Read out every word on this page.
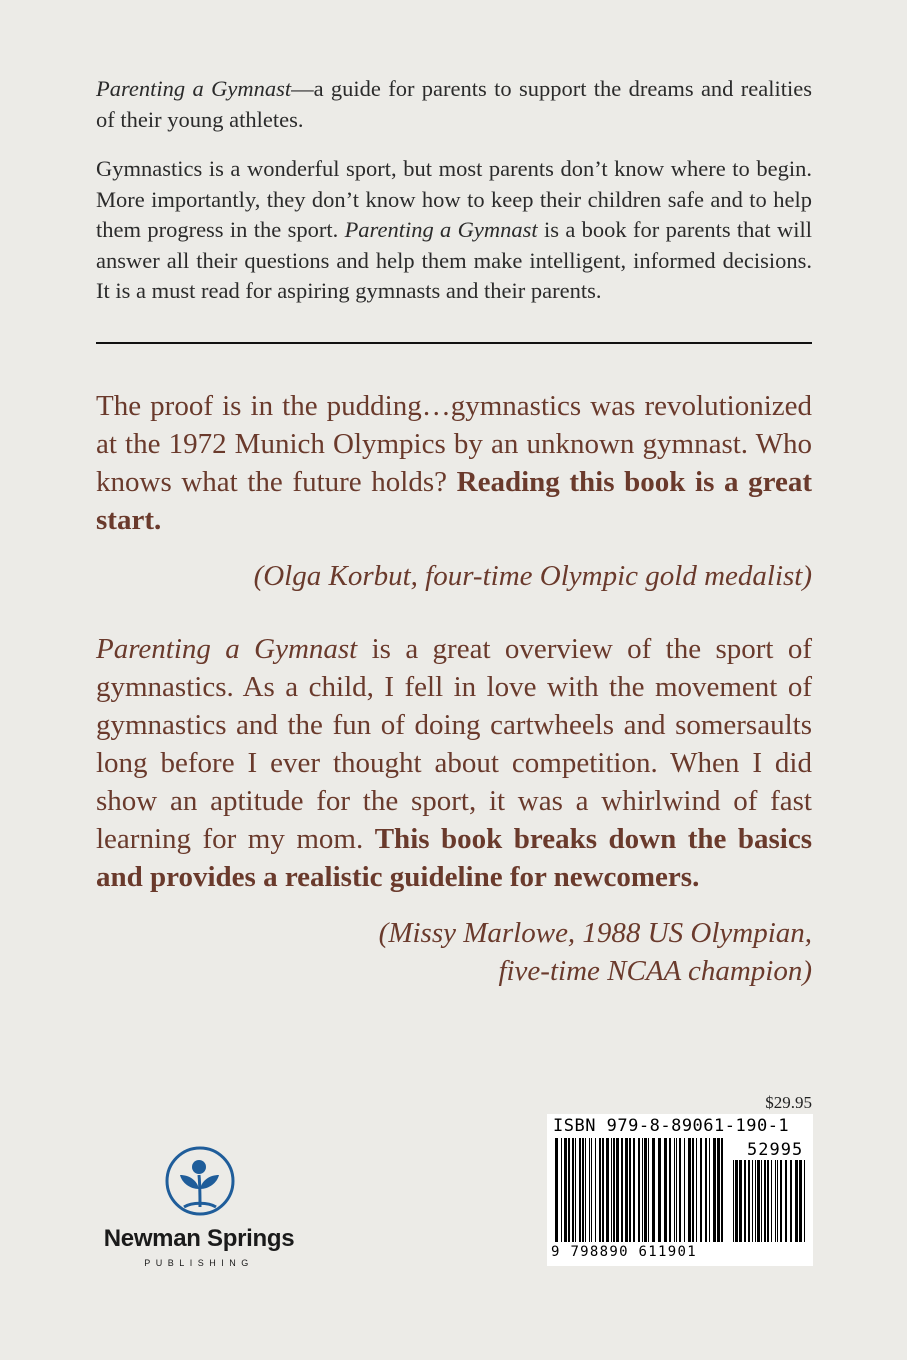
Parenting a Gymnast—a guide for parents to support the dreams and realities of their young athletes.

Gymnastics is a wonderful sport, but most parents don’t know where to begin. More importantly, they don’t know how to keep their children safe and to help them progress in the sport. Parenting a Gymnast is a book for parents that will answer all their questions and help them make intelligent, informed decisions. It is a must read for aspiring gymnasts and their parents.

The proof is in the pudding…gymnastics was revolutionized at the 1972 Munich Olympics by an unknown gymnast. Who knows what the future holds? Reading this book is a great start.

(Olga Korbut, four-time Olympic gold medalist)

Parenting a Gymnast is a great overview of the sport of gymnastics. As a child, I fell in love with the movement of gymnastics and the fun of doing cartwheels and somersaults long before I ever thought about competition. When I did show an aptitude for the sport, it was a whirlwind of fast learning for my mom. This book breaks down the basics and provides a realistic guideline for newcomers.

(Missy Marlowe, 1988 US Olympian,
five-time NCAA champion)

Newman Springs
PUBLISHING
$29.95
ISBN 979-8-89061-190-1
52995
9 798890 611901
